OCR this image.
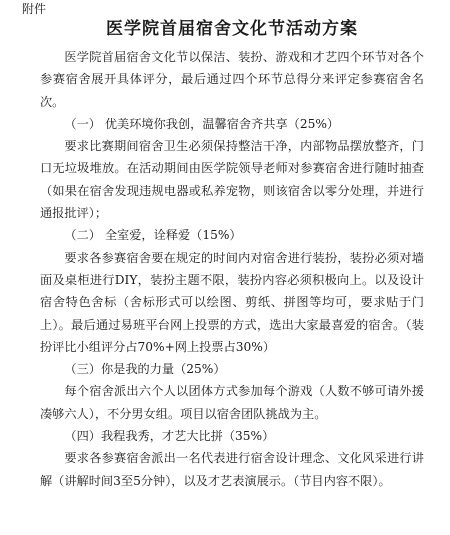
附件
医学院首届宿舍文化节活动方案

医学院首届宿舍文化节以保洁、装扮、游戏和才艺四个环节对各个参赛宿舍展开具体评分，最后通过四个环节总得分来评定参赛宿舍名次。

（一） 优美环境你我创，温馨宿舍齐共享（25%）

要求比赛期间宿舍卫生必须保持整洁干净，内部物品摆放整齐，门口无垃圾堆放。在活动期间由医学院领导老师对参赛宿舍进行随时抽查（如果在宿舍发现违规电器或私养宠物，则该宿舍以零分处理，并进行通报批评）；

（二） 全室爱，诠释爱（15%）

要求各参赛宿舍要在规定的时间内对宿舍进行装扮，装扮必须对墙面及桌柜进行DIY，装扮主题不限，装扮内容必须积极向上。以及设计宿舍特色舍标（舍标形式可以绘图、剪纸、拼图等均可，要求贴于门上）。最后通过易班平台网上投票的方式，选出大家最喜爱的宿舍。（装扮评比小组评分占70%+网上投票占30%）

（三）你是我的力量（25%）

每个宿舍派出六个人以团体方式参加每个游戏（人数不够可请外援凑够六人），不分男女组。项目以宿舍团队挑战为主。

（四）我程我秀，才艺大比拼（35%）

要求各参赛宿舍派出一名代表进行宿舍设计理念、文化风采进行讲解（讲解时间3至5分钟），以及才艺表演展示。（节目内容不限）。
